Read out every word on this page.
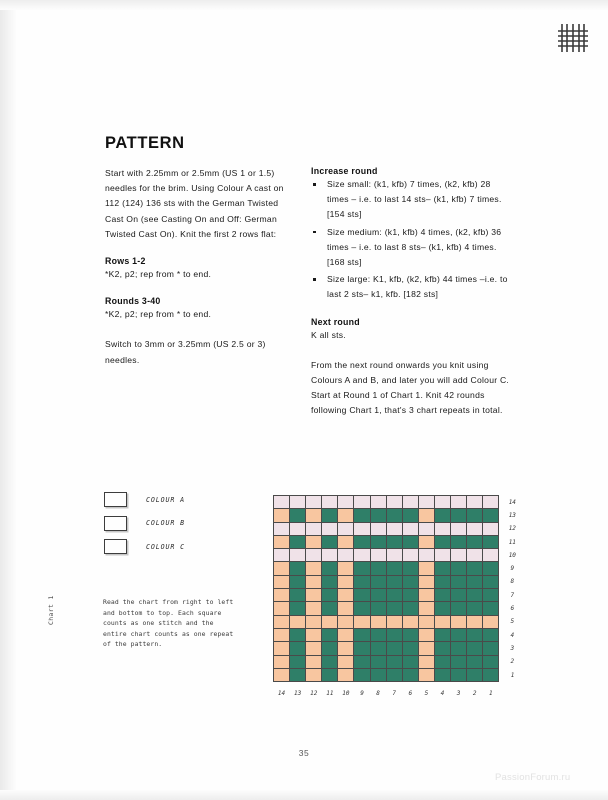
PATTERN
Start with 2.25mm or 2.5mm (US 1 or 1.5) needles for the brim. Using Colour A cast on 112 (124) 136 sts with the German Twisted Cast On (see Casting On and Off: German Twisted Cast On). Knit the first 2 rows flat:
Rows 1-2
*K2, p2; rep from * to end.
Rounds 3-40
*K2, p2; rep from * to end.
Switch to 3mm or 3.25mm (US 2.5 or 3) needles.
Increase round
Size small: (k1, kfb) 7 times, (k2, kfb) 28 times – i.e. to last 14 sts– (k1, kfb) 7 times. [154 sts]
Size medium: (k1, kfb) 4 times, (k2, kfb) 36 times – i.e. to last 8 sts– (k1, kfb) 4 times. [168 sts]
Size large: K1, kfb, (k2, kfb) 44 times –i.e. to last 2 sts– k1, kfb. [182 sts]
Next round
K all sts.
From the next round onwards you knit using Colours A and B, and later you will add Colour C. Start at Round 1 of Chart 1. Knit 42 rounds following Chart 1, that's 3 chart repeats in total.
COLOUR A
COLOUR B
COLOUR C
Read the chart from right to left and bottom to top. Each square counts as one stitch and the entire chart counts as one repeat of the pattern.
Chart 1
														14
														13
														12
														11
														10
														9
														8
														7
														6
														5
														4
														3
														2
														1
14	13	12	11	10	9	8	7	6	5	4	3	2	1	
35
PassionForum.ru
